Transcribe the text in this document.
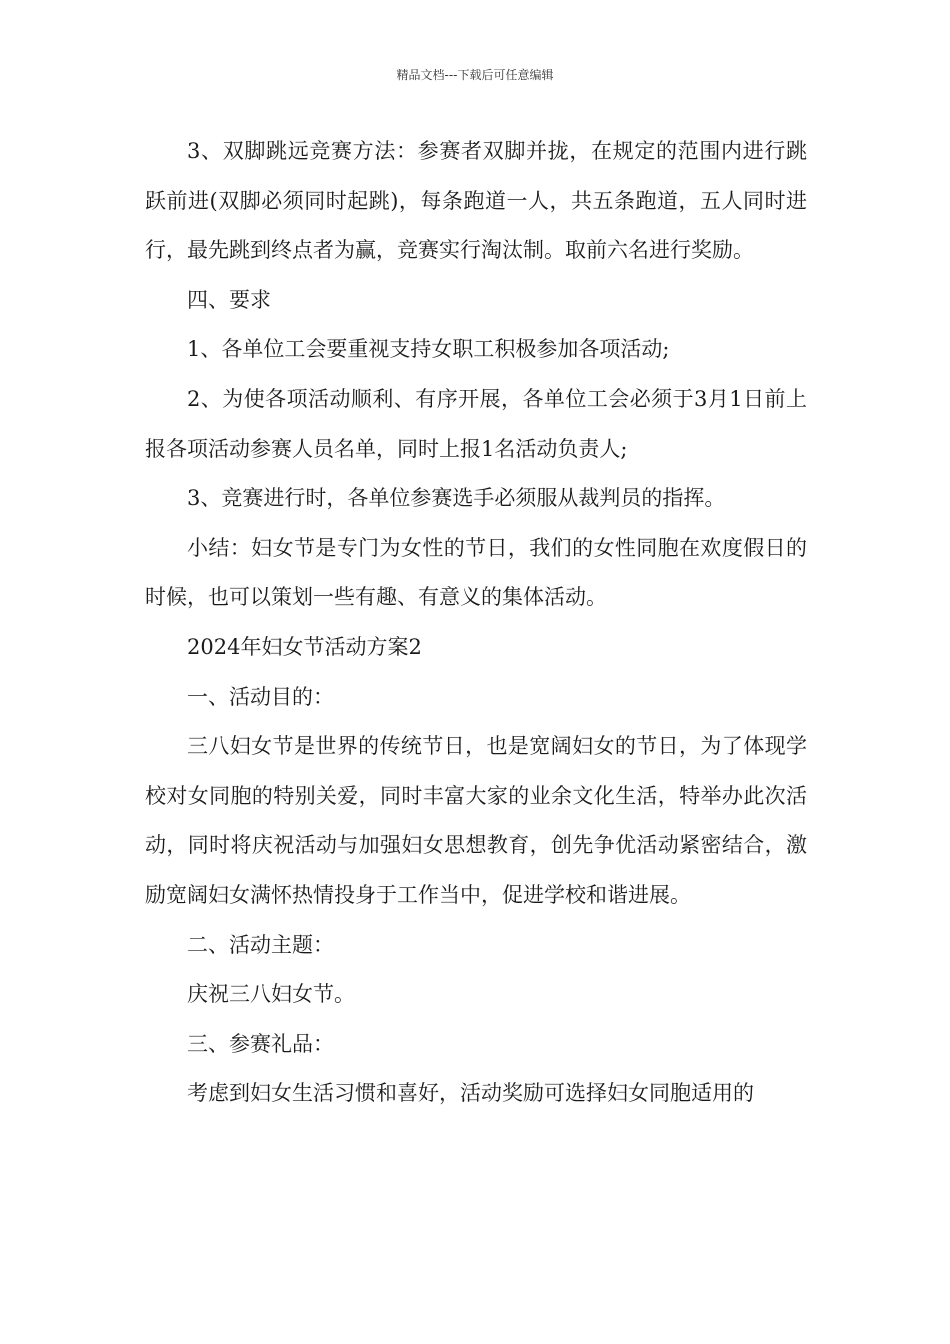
精品文档---下载后可任意编辑

3、双脚跳远竞赛方法：参赛者双脚并拢，在规定的范围内进行跳跃前进(双脚必须同时起跳)，每条跑道一人，共五条跑道，五人同时进行，最先跳到终点者为赢，竞赛实行淘汰制。取前六名进行奖励。

四、要求

1、各单位工会要重视支持女职工积极参加各项活动;

2、为使各项活动顺利、有序开展，各单位工会必须于3月1日前上报各项活动参赛人员名单，同时上报1名活动负责人;

3、竞赛进行时，各单位参赛选手必须服从裁判员的指挥。

小结：妇女节是专门为女性的节日，我们的女性同胞在欢度假日的时候，也可以策划一些有趣、有意义的集体活动。

2024年妇女节活动方案2

一、活动目的：

三八妇女节是世界的传统节日，也是宽阔妇女的节日，为了体现学校对女同胞的特别关爱，同时丰富大家的业余文化生活，特举办此次活动，同时将庆祝活动与加强妇女思想教育，创先争优活动紧密结合，激励宽阔妇女满怀热情投身于工作当中，促进学校和谐进展。

二、活动主题：

庆祝三八妇女节。

三、参赛礼品：

考虑到妇女生活习惯和喜好，活动奖励可选择妇女同胞适用的
